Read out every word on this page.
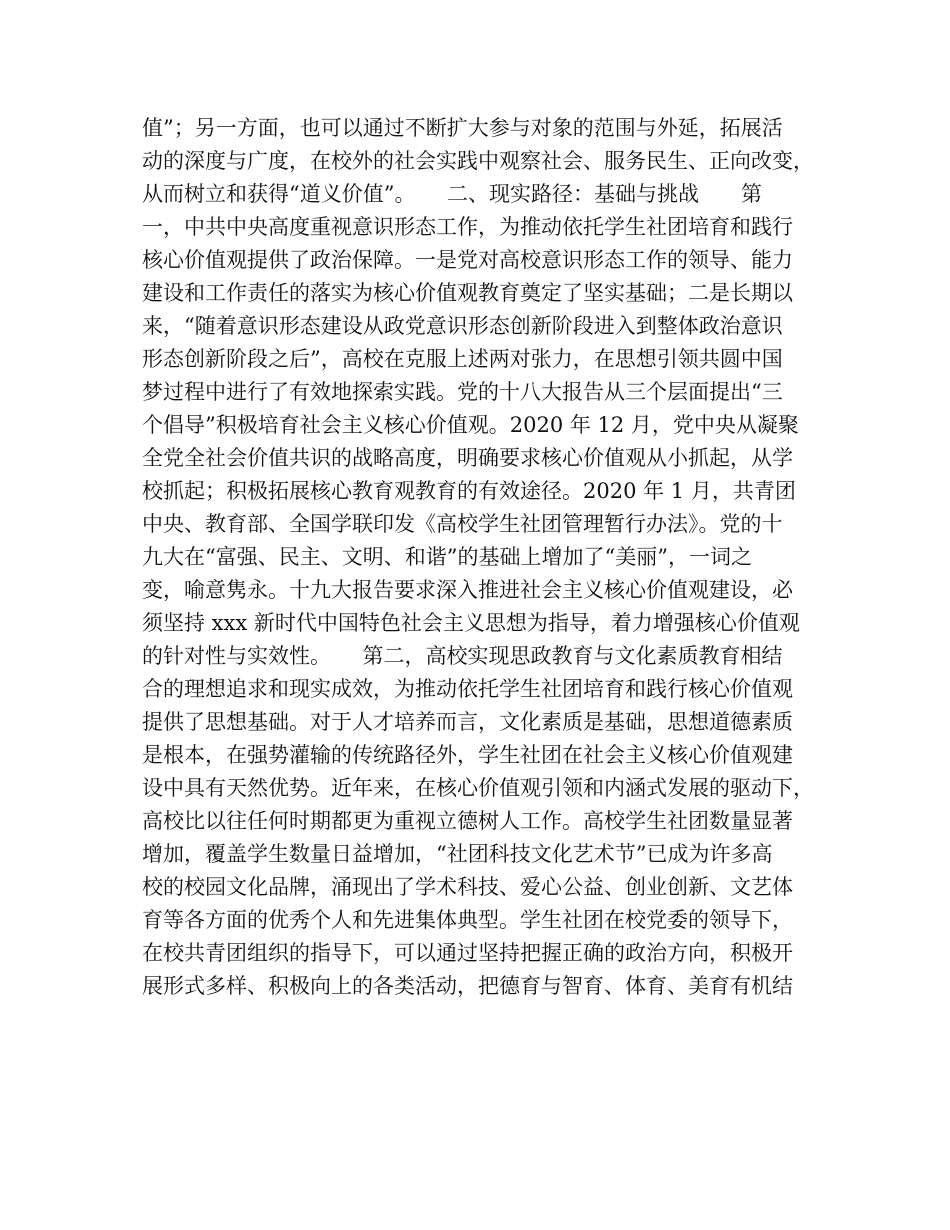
值”；另一方面，也可以通过不断扩大参与对象的范围与外延，拓展活
动的深度与广度，在校外的社会实践中观察社会、服务民生、正向改变，
从而树立和获得“道义价值”。　　二、现实路径：基础与挑战　　第
一，中共中央高度重视意识形态工作，为推动依托学生社团培育和践行
核心价值观提供了政治保障。一是党对高校意识形态工作的领导、能力
建设和工作责任的落实为核心价值观教育奠定了坚实基础；二是长期以
来，“随着意识形态建设从政党意识形态创新阶段进入到整体政治意识
形态创新阶段之后”，高校在克服上述两对张力，在思想引领共圆中国
梦过程中进行了有效地探索实践。党的十八大报告从三个层面提出“三
个倡导”积极培育社会主义核心价值观。2020 年 12 月，党中央从凝聚
全党全社会价值共识的战略高度，明确要求核心价值观从小抓起，从学
校抓起；积极拓展核心教育观教育的有效途径。2020 年 1 月，共青团
中央、教育部、全国学联印发《高校学生社团管理暂行办法》。党的十
九大在“富强、民主、文明、和谐”的基础上增加了“美丽”，一词之
变，喻意隽永。十九大报告要求深入推进社会主义核心价值观建设，必
须坚持 xxx 新时代中国特色社会主义思想为指导，着力增强核心价值观
的针对性与实效性。　　第二，高校实现思政教育与文化素质教育相结
合的理想追求和现实成效，为推动依托学生社团培育和践行核心价值观
提供了思想基础。对于人才培养而言，文化素质是基础，思想道德素质
是根本，在强势灌输的传统路径外，学生社团在社会主义核心价值观建
设中具有天然优势。近年来，在核心价值观引领和内涵式发展的驱动下，
高校比以往任何时期都更为重视立德树人工作。高校学生社团数量显著
增加，覆盖学生数量日益增加，“社团科技文化艺术节”已成为许多高
校的校园文化品牌，涌现出了学术科技、爱心公益、创业创新、文艺体
育等各方面的优秀个人和先进集体典型。学生社团在校党委的领导下，
在校共青团组织的指导下，可以通过坚持把握正确的政治方向，积极开
展形式多样、积极向上的各类活动，把德育与智育、体育、美育有机结
